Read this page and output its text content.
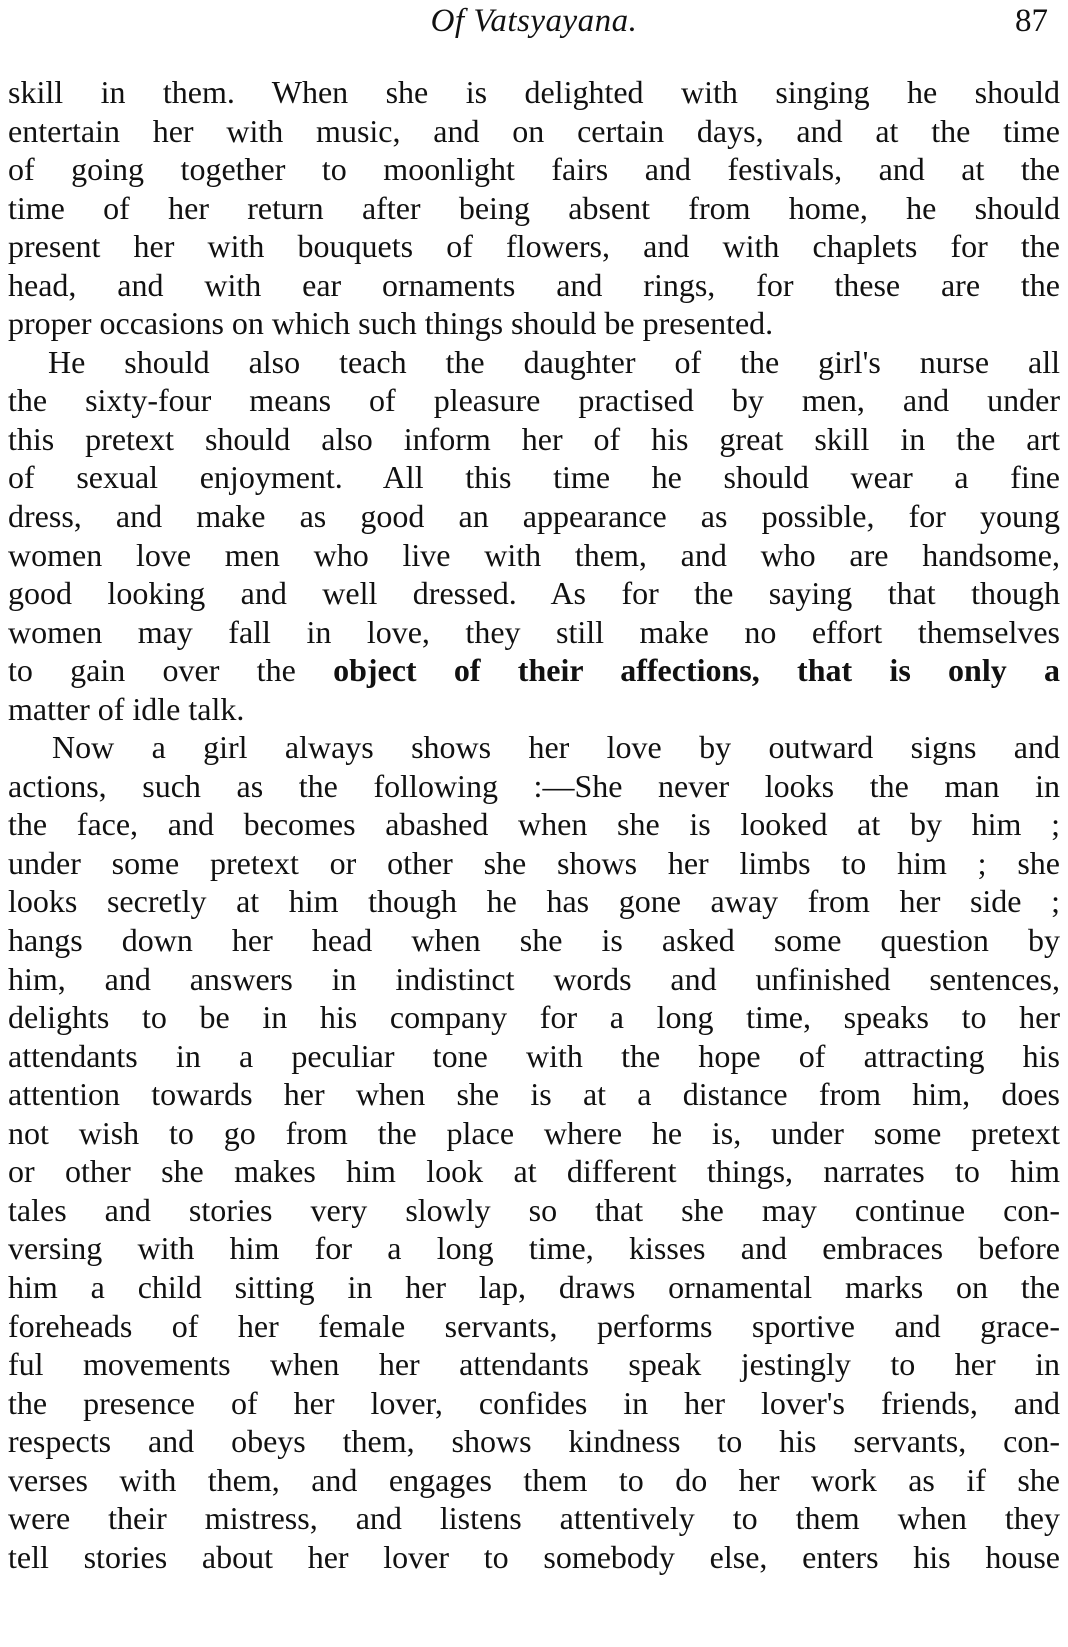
Of Vatsyayana.	87
skill in them. When she is delighted with singing he should
entertain her with music, and on certain days, and at the time
of going together to moonlight fairs and festivals, and at the
time of her return after being absent from home, he should
present her with bouquets of flowers, and with chaplets for the
head, and with ear ornaments and rings, for these are the
proper occasions on which such things should be presented.
He should also teach the daughter of the girl's nurse all
the sixty-four means of pleasure practised by men, and under
this pretext should also inform her of his great skill in the art
of sexual enjoyment. All this time he should wear a fine
dress, and make as good an appearance as possible, for young
women love men who live with them, and who are handsome,
good looking and well dressed. As for the saying that though
women may fall in love, they still make no effort themselves
to gain over the object of their affections, that is only a
matter of idle talk.
Now a girl always shows her love by outward signs and
actions, such as the following :—She never looks the man in
the face, and becomes abashed when she is looked at by him ;
under some pretext or other she shows her limbs to him ; she
looks secretly at him though he has gone away from her side ;
hangs down her head when she is asked some question by
him, and answers in indistinct words and unfinished sentences,
delights to be in his company for a long time, speaks to her
attendants in a peculiar tone with the hope of attracting his
attention towards her when she is at a distance from him, does
not wish to go from the place where he is, under some pretext
or other she makes him look at different things, narrates to him
tales and stories very slowly so that she may continue con-
versing with him for a long time, kisses and embraces before
him a child sitting in her lap, draws ornamental marks on the
foreheads of her female servants, performs sportive and grace-
ful movements when her attendants speak jestingly to her in
the presence of her lover, confides in her lover's friends, and
respects and obeys them, shows kindness to his servants, con-
verses with them, and engages them to do her work as if she
were their mistress, and listens attentively to them when they
tell stories about her lover to somebody else, enters his house
